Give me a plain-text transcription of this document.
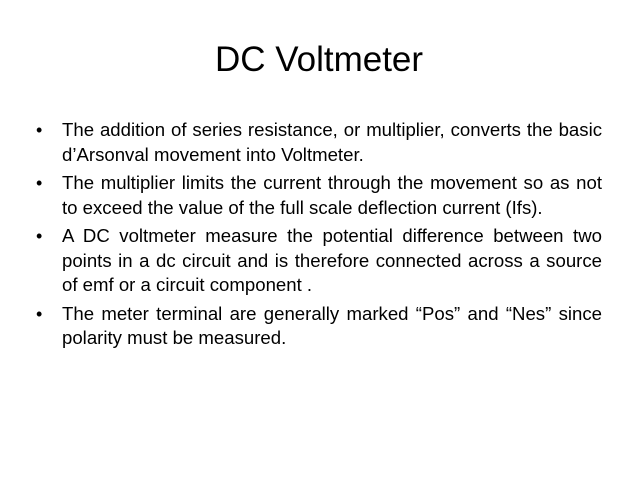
DC Voltmeter
• The addition of series resistance, or multiplier, converts the basic d’Arsonval movement into Voltmeter.
• The multiplier limits the current through the movement so as not to exceed the value of the full scale deflection current (Ifs).
• A DC voltmeter measure the potential difference between two points in a dc circuit and is therefore connected across a source of emf or a circuit component .
• The meter terminal are generally marked “Pos” and “Nes” since polarity must be measured.
